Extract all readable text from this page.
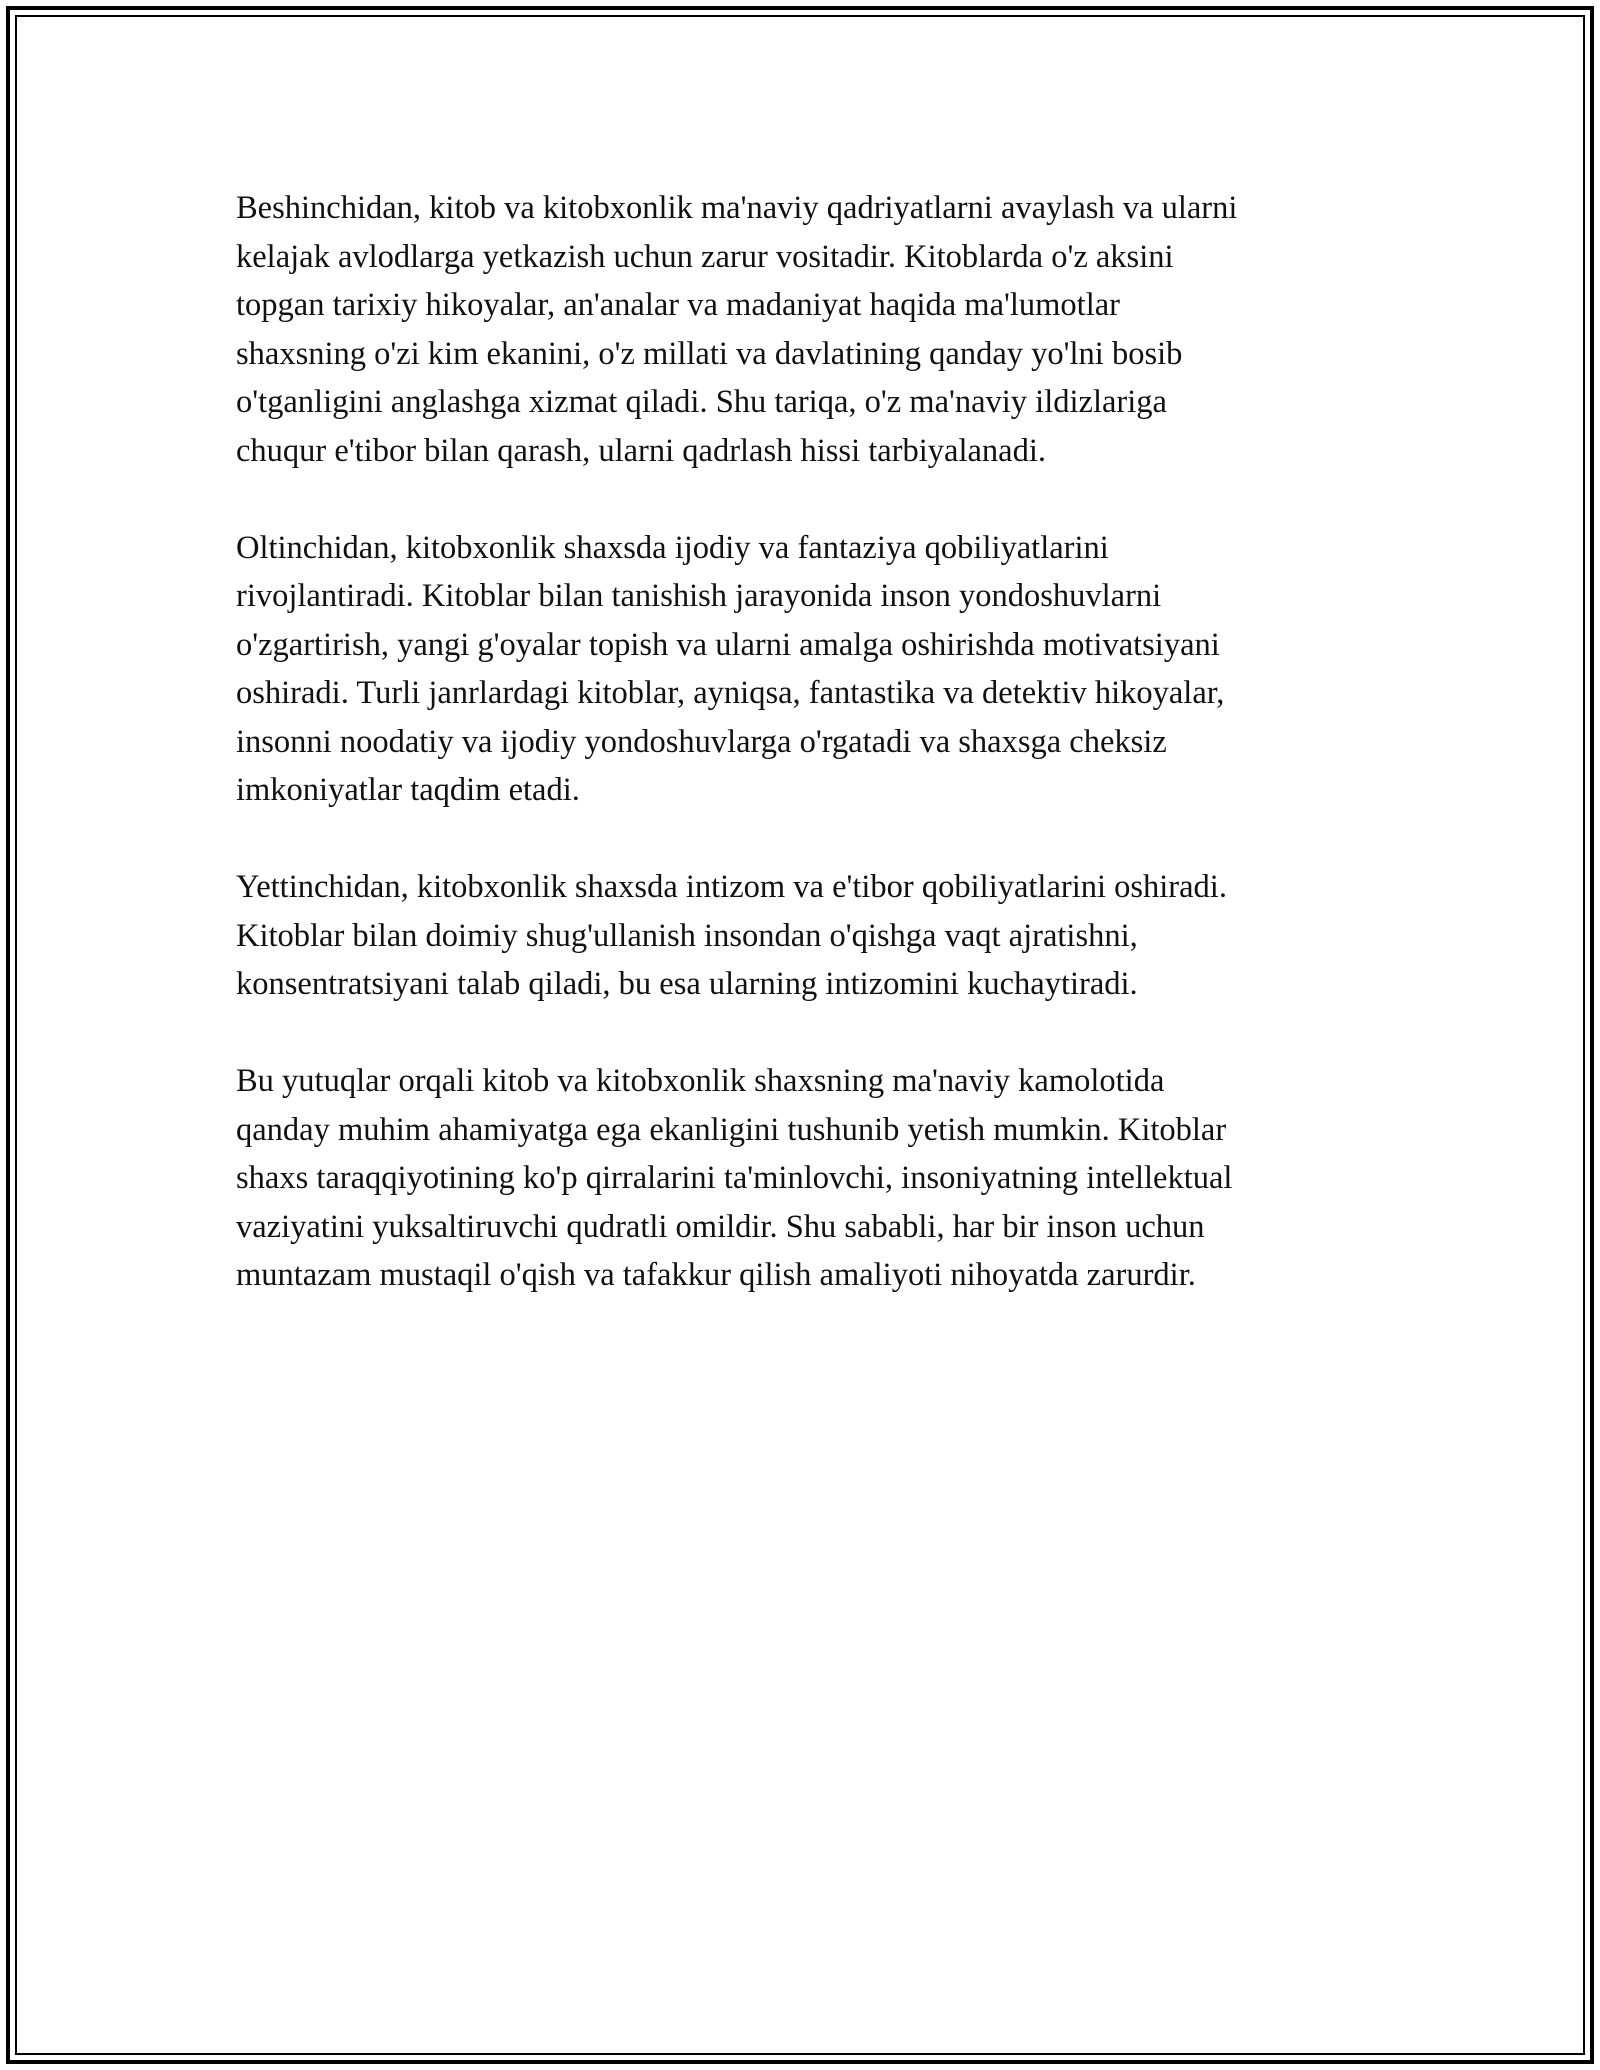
Beshinchidan, kitob va kitobxonlik ma'naviy qadriyatlarni avaylash va ularni
kelajak avlodlarga yetkazish uchun zarur vositadir. Kitoblarda o'z aksini
topgan tarixiy hikoyalar, an'analar va madaniyat haqida ma'lumotlar
shaxsning o'zi kim ekanini, o'z millati va davlatining qanday yo'lni bosib
o'tganligini anglashga xizmat qiladi. Shu tariqa, o'z ma'naviy ildizlariga
chuqur e'tibor bilan qarash, ularni qadrlash hissi tarbiyalanadi.

Oltinchidan, kitobxonlik shaxsda ijodiy va fantaziya qobiliyatlarini
rivojlantiradi. Kitoblar bilan tanishish jarayonida inson yondoshuvlarni
o'zgartirish, yangi g'oyalar topish va ularni amalga oshirishda motivatsiyani
oshiradi. Turli janrlardagi kitoblar, ayniqsa, fantastika va detektiv hikoyalar,
insonni noodatiy va ijodiy yondoshuvlarga o'rgatadi va shaxsga cheksiz
imkoniyatlar taqdim etadi.

Yettinchidan, kitobxonlik shaxsda intizom va e'tibor qobiliyatlarini oshiradi.
Kitoblar bilan doimiy shug'ullanish insondan o'qishga vaqt ajratishni,
konsentratsiyani talab qiladi, bu esa ularning intizomini kuchaytiradi.

Bu yutuqlar orqali kitob va kitobxonlik shaxsning ma'naviy kamolotida
qanday muhim ahamiyatga ega ekanligini tushunib yetish mumkin. Kitoblar
shaxs taraqqiyotining ko'p qirralarini ta'minlovchi, insoniyatning intellektual
vaziyatini yuksaltiruvchi qudratli omildir. Shu sababli, har bir inson uchun
muntazam mustaqil o'qish va tafakkur qilish amaliyoti nihoyatda zarurdir.
